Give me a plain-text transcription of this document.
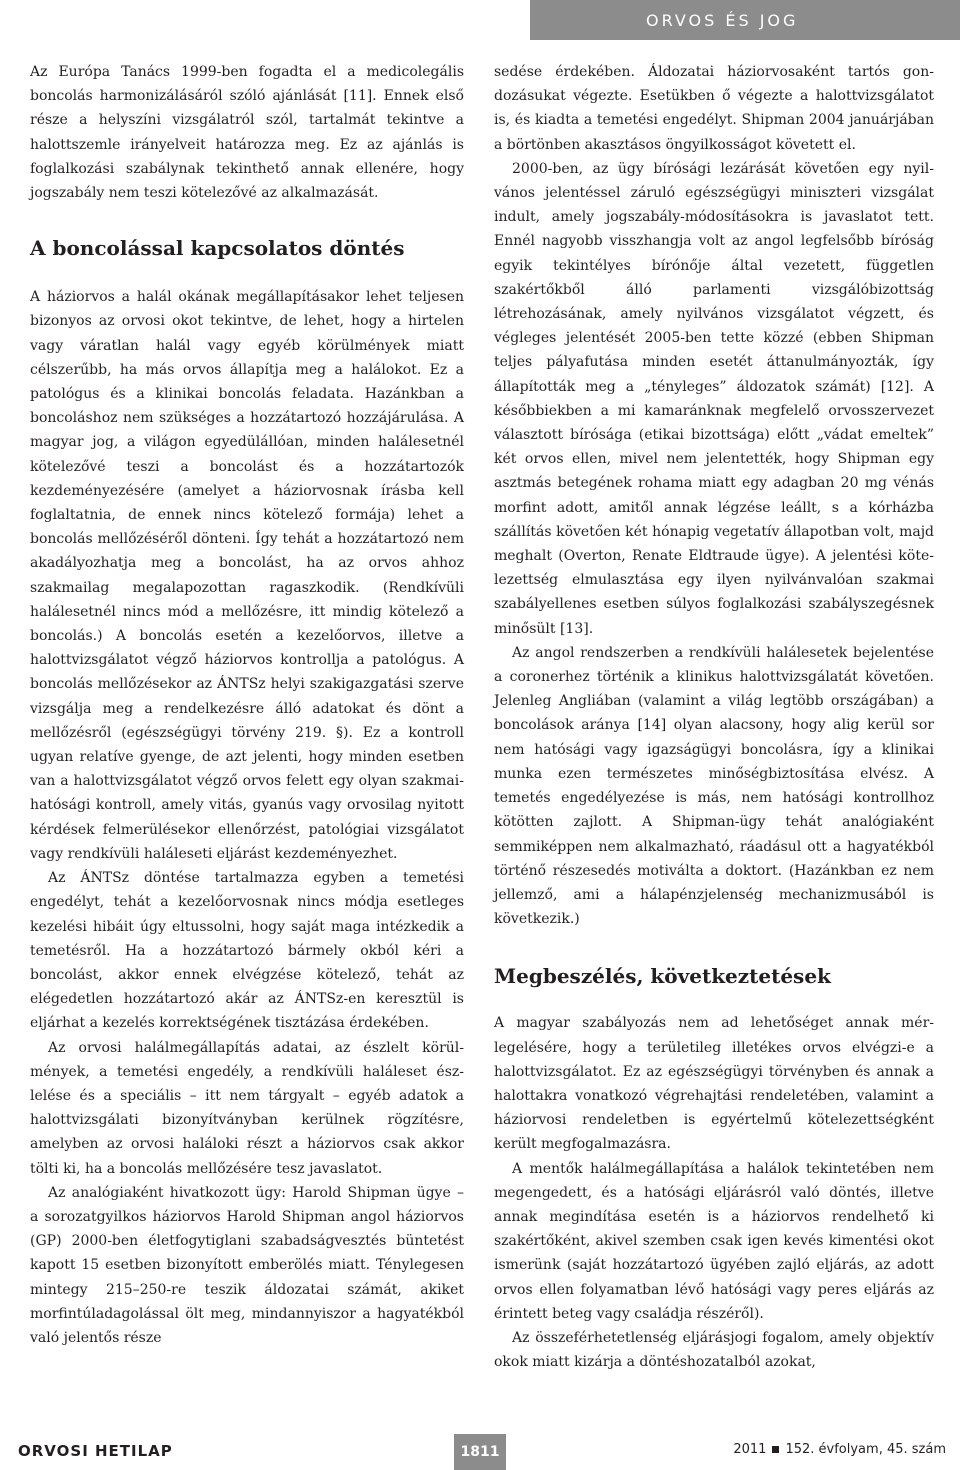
ORVOS ÉS JOG

Az Európa Tanács 1999-ben fogadta el a medicolegális boncolás harmonizálásáról szóló ajánlását [11]. Ennek első része a helyszíni vizsgálatról szól, tartalmát tekintve a halottszemle irányelveit határozza meg. Ez az ajánlás is foglalkozási szabálynak tekinthető annak ellenére, hogy jogszabály nem teszi kötelezővé az alkalmazását.

A boncolással kapcsolatos döntés

A háziorvos a halál okának megállapításakor lehet teljesen bizonyos az orvosi okot tekintve, de lehet, hogy a hirtelen vagy váratlan halál vagy egyéb körülmények miatt célszerűbb, ha más orvos állapítja meg a halálokot. Ez a patológus és a klinikai boncolás feladata. Hazánkban a boncoláshoz nem szükséges a hozzátartozó hozzájárulása. A magyar jog, a világon egyedülállóan, minden halálesetnél kötelezővé teszi a boncolást és a hozzátartozók kezdeményezésére (amelyet a háziorvosnak írásba kell foglaltatnia, de ennek nincs kötelező formája) lehet a boncolás mellőzéséről dönteni. Így tehát a hozzátartozó nem akadályozhatja meg a boncolást, ha az orvos ahhoz szakmailag megalapozottan ragaszkodik. (Rendkívüli halálesetnél nincs mód a mellőzésre, itt mindig kötelező a boncolás.) A boncolás esetén a kezelőorvos, illetve a halottvizsgálatot végző háziorvos kontrollja a patológus. A boncolás mellőzésekor az ÁNTSz helyi szakigazgatási szerve vizsgálja meg a rendelkezésre álló adatokat és dönt a mellőzésről (egészségügyi törvény 219. §). Ez a kontroll ugyan relatíve gyenge, de azt jelenti, hogy minden esetben van a halottvizsgálatot végző orvos felett egy olyan szakmai-hatósági kontroll, amely vitás, gyanús vagy orvosilag nyitott kérdések felmerülésekor ellenőrzést, patológiai vizsgálatot vagy rendkívüli haláleseti eljárást kezdeményezhet.

Az ÁNTSz döntése tartalmazza egyben a temetési engedélyt, tehát a kezelőorvosnak nincs módja esetleges kezelési hibáit úgy eltussolni, hogy saját maga intézkedik a temetésről. Ha a hozzátartozó bármely okból kéri a boncolást, akkor ennek elvégzése kötelező, tehát az elégedetlen hozzátartozó akár az ÁNTSz-en keresztül is eljárhat a kezelés korrektségének tisztázása érdekében.

Az orvosi halálmegállapítás adatai, az észlelt körülmények, a temetési engedély, a rendkívüli haláleset észlelése és a speciális – itt nem tárgyalt – egyéb adatok a halottvizsgálati bizonyítványban kerülnek rögzítésre, amelyben az orvosi haláloki részt a háziorvos csak akkor tölti ki, ha a boncolás mellőzésére tesz javaslatot.

Az analógiaként hivatkozott ügy: Harold Shipman ügye – a sorozatgyilkos háziorvos Harold Shipman angol háziorvos (GP) 2000-ben életfogytiglani szabadságvesztés büntetést kapott 15 esetben bizonyított emberölés miatt. Ténylegesen mintegy 215–250-re teszik áldozatai számát, akiket morfintúladagolással ölt meg, mindannyiszor a hagyatékból való jelentős része

sedése érdekében. Áldozatai háziorvosaként tartós gondozásukat végezte. Esetükben ő végezte a halottvizsgálatot is, és kiadta a temetési engedélyt. Shipman 2004 januárjában a börtönben akasztásos öngyilkosságot követett el.

2000-ben, az ügy bírósági lezárását követően egy nyilvános jelentéssel záruló egészségügyi miniszteri vizsgálat indult, amely jogszabály-módosításokra is javaslatot tett. Ennél nagyobb visszhangja volt az angol legfelsőbb bíróság egyik tekintélyes bírónője által vezetett, független szakértőkből álló parlamenti vizsgálóbizottság létrehozásának, amely nyilvános vizsgálatot végzett, és végleges jelentését 2005-ben tette közzé (ebben Shipman teljes pályafutása minden esetét áttanulmányozták, így állapították meg a „tényleges” áldozatok számát) [12]. A későbbiekben a mi kamaránknak megfelelő orvosszervezet választott bírósága (etikai bizottsága) előtt „vádat emeltek” két orvos ellen, mivel nem jelentették, hogy Shipman egy asztmás betegének rohama miatt egy adagban 20 mg vénás morfint adott, amitől annak légzése leállt, s a kórházba szállítás követően két hónapig vegetatív állapotban volt, majd meghalt (Overton, Renate Eldtraude ügye). A jelentési kötelezettség elmulasztása egy ilyen nyilvánvalóan szakmai szabályellenes esetben súlyos foglalkozási szabályszegésnek minősült [13].

Az angol rendszerben a rendkívüli halálesetek bejelentése a coronerhez történik a klinikus halottvizsgálatát követően. Jelenleg Angliában (valamint a világ legtöbb országában) a boncolások aránya [14] olyan alacsony, hogy alig kerül sor nem hatósági vagy igazságügyi boncolásra, így a klinikai munka ezen természetes minőségbiztosítása elvész. A temetés engedélyezése is más, nem hatósági kontrollhoz kötötten zajlott. A Shipman-ügy tehát analógiaként semmiképpen nem alkalmazható, ráadásul ott a hagyatékból történő részesedés motiválta a doktort. (Hazánkban ez nem jellemző, ami a hálapénzjelenség mechanizmusából is következik.)

Megbeszélés, következtetések

A magyar szabályozás nem ad lehetőséget annak mérlegelésére, hogy a területileg illetékes orvos elvégzi-e a halottvizsgálatot. Ez az egészségügyi törvényben és annak a halottakra vonatkozó végrehajtási rendeletében, valamint a háziorvosi rendeletben is egyértelmű kötelezettségként került megfogalmazásra.

A mentők halálmegállapítása a halálok tekintetében nem megengedett, és a hatósági eljárásról való döntés, illetve annak megindítása esetén is a háziorvos rendelhető ki szakértőként, akivel szemben csak igen kevés kimentési okot ismerünk (saját hozzátartozó ügyében zajló eljárás, az adott orvos ellen folyamatban lévő hatósági vagy peres eljárás az érintett beteg vagy családja részéről).

Az összeférhetetlenség eljárásjogi fogalom, amely objektív okok miatt kizárja a döntéshozatalból azokat,

ORVOSI HETILAP	1811	2011 152. évfolyam, 45. szám
